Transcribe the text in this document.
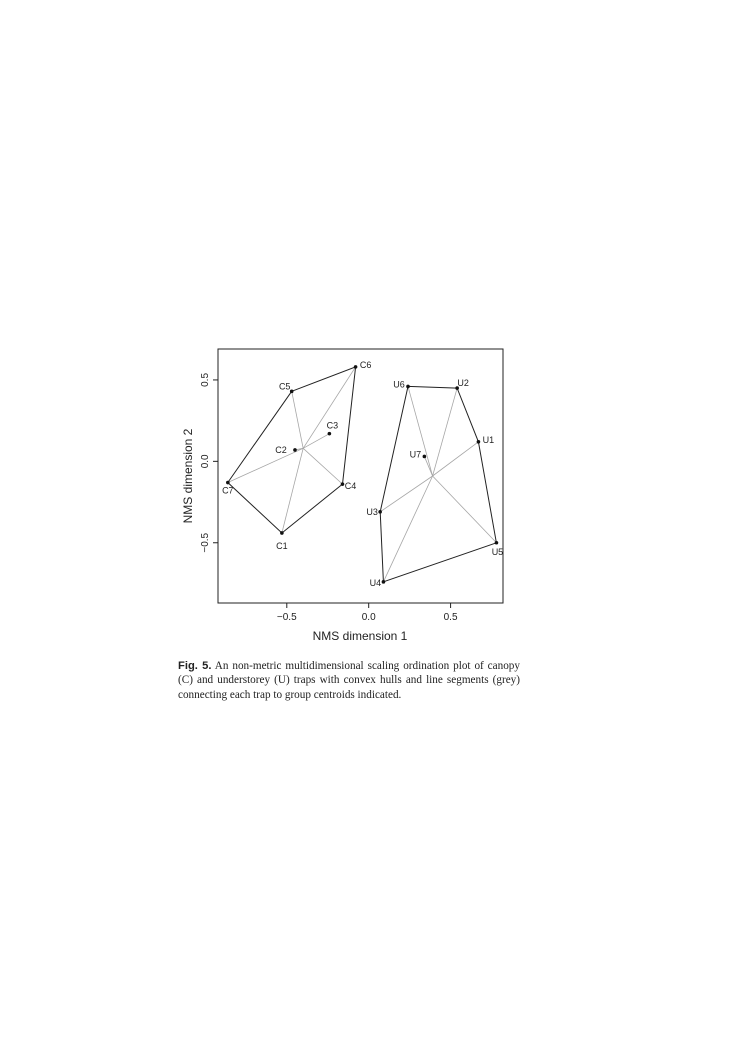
−0.5	0.0	0.5
−0.5
0.0
0.5
C1
C2
C3
C4
C5
C6
C7
U1
U2
U3
U4
U5
U6
U7
NMS dimension 1
NMS dimension 2
Fig. 5. An non-metric multidimensional scaling ordination plot of canopy (C) and understorey (U) traps with convex hulls and line segments (grey) connecting each trap to group centroids indicated.
